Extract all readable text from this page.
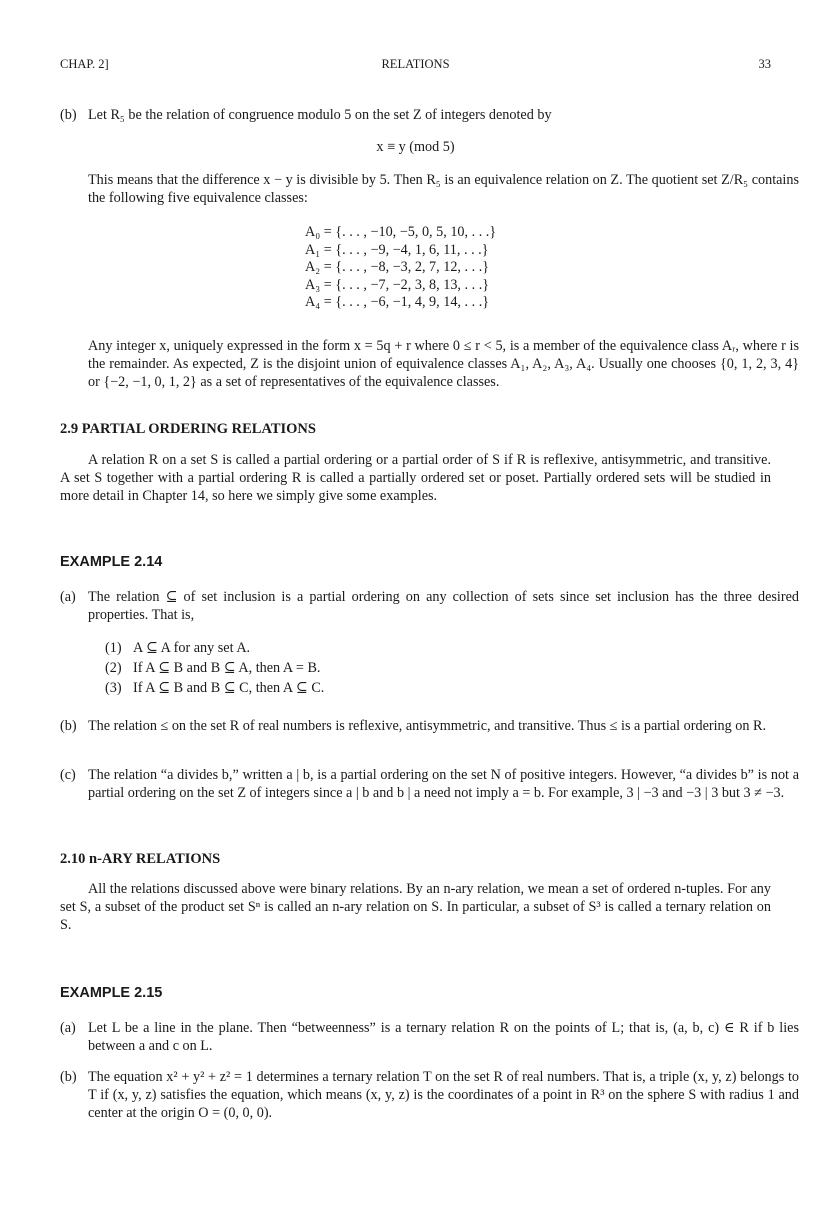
CHAP. 2]	RELATIONS	33
(b) Let R₅ be the relation of congruence modulo 5 on the set Z of integers denoted by
x ≡ y (mod 5)
This means that the difference x − y is divisible by 5. Then R₅ is an equivalence relation on Z. The quotient set Z/R₅ contains the following five equivalence classes:
A₀ = {. . . , −10, −5, 0, 5, 10, . . .}
A₁ = {. . . , −9, −4, 1, 6, 11, . . .}
A₂ = {. . . , −8, −3, 2, 7, 12, . . .}
A₃ = {. . . , −7, −2, 3, 8, 13, . . .}
A₄ = {. . . , −6, −1, 4, 9, 14, . . .}
Any integer x, uniquely expressed in the form x = 5q + r where 0 ≤ r < 5, is a member of the equivalence class Aᵣ, where r is the remainder. As expected, Z is the disjoint union of equivalence classes A₁, A₂, A₃, A₄. Usually one chooses {0, 1, 2, 3, 4} or {−2, −1, 0, 1, 2} as a set of representatives of the equivalence classes.
2.9 PARTIAL ORDERING RELATIONS
A relation R on a set S is called a partial ordering or a partial order of S if R is reflexive, antisymmetric, and transitive. A set S together with a partial ordering R is called a partially ordered set or poset. Partially ordered sets will be studied in more detail in Chapter 14, so here we simply give some examples.
EXAMPLE 2.14
(a) The relation ⊆ of set inclusion is a partial ordering on any collection of sets since set inclusion has the three desired properties. That is,
(1) A ⊆ A for any set A.
(2) If A ⊆ B and B ⊆ A, then A = B.
(3) If A ⊆ B and B ⊆ C, then A ⊆ C.
(b) The relation ≤ on the set R of real numbers is reflexive, antisymmetric, and transitive. Thus ≤ is a partial ordering on R.
(c) The relation “a divides b,” written a | b, is a partial ordering on the set N of positive integers. However, “a divides b” is not a partial ordering on the set Z of integers since a | b and b | a need not imply a = b. For example, 3 | −3 and −3 | 3 but 3 ≠ −3.
2.10 n-ARY RELATIONS
All the relations discussed above were binary relations. By an n-ary relation, we mean a set of ordered n-tuples. For any set S, a subset of the product set Sⁿ is called an n-ary relation on S. In particular, a subset of S³ is called a ternary relation on S.
EXAMPLE 2.15
(a) Let L be a line in the plane. Then “betweenness” is a ternary relation R on the points of L; that is, (a, b, c) ∈ R if b lies between a and c on L.
(b) The equation x² + y² + z² = 1 determines a ternary relation T on the set R of real numbers. That is, a triple (x, y, z) belongs to T if (x, y, z) satisfies the equation, which means (x, y, z) is the coordinates of a point in R³ on the sphere S with radius 1 and center at the origin O = (0, 0, 0).
